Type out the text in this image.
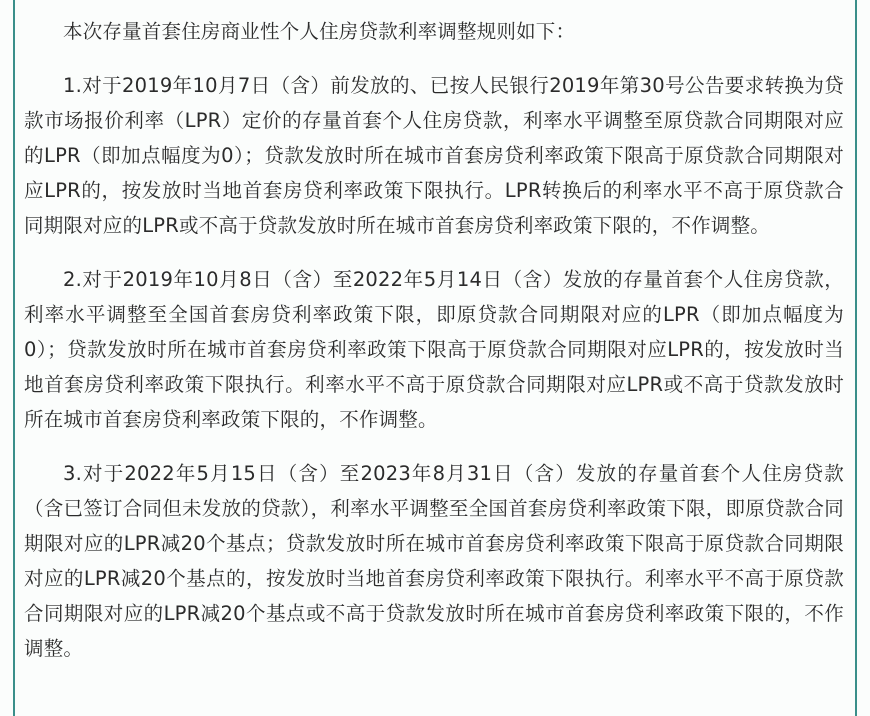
本次存量首套住房商业性个人住房贷款利率调整规则如下：

1.对于2019年10月7日（含）前发放的、已按人民银行2019年第30号公告要求转换为贷款市场报价利率（LPR）定价的存量首套个人住房贷款，利率水平调整至原贷款合同期限对应的LPR（即加点幅度为0）；贷款发放时所在城市首套房贷利率政策下限高于原贷款合同期限对应LPR的，按发放时当地首套房贷利率政策下限执行。LPR转换后的利率水平不高于原贷款合同期限对应的LPR或不高于贷款发放时所在城市首套房贷利率政策下限的，不作调整。

2.对于2019年10月8日（含）至2022年5月14日（含）发放的存量首套个人住房贷款，利率水平调整至全国首套房贷利率政策下限，即原贷款合同期限对应的LPR（即加点幅度为0）；贷款发放时所在城市首套房贷利率政策下限高于原贷款合同期限对应LPR的，按发放时当地首套房贷利率政策下限执行。利率水平不高于原贷款合同期限对应LPR或不高于贷款发放时所在城市首套房贷利率政策下限的，不作调整。

3.对于2022年5月15日（含）至2023年8月31日（含）发放的存量首套个人住房贷款（含已签订合同但未发放的贷款），利率水平调整至全国首套房贷利率政策下限，即原贷款合同期限对应的LPR减20个基点；贷款发放时所在城市首套房贷利率政策下限高于原贷款合同期限对应的LPR减20个基点的，按发放时当地首套房贷利率政策下限执行。利率水平不高于原贷款合同期限对应的LPR减20个基点或不高于贷款发放时所在城市首套房贷利率政策下限的，不作调整。
